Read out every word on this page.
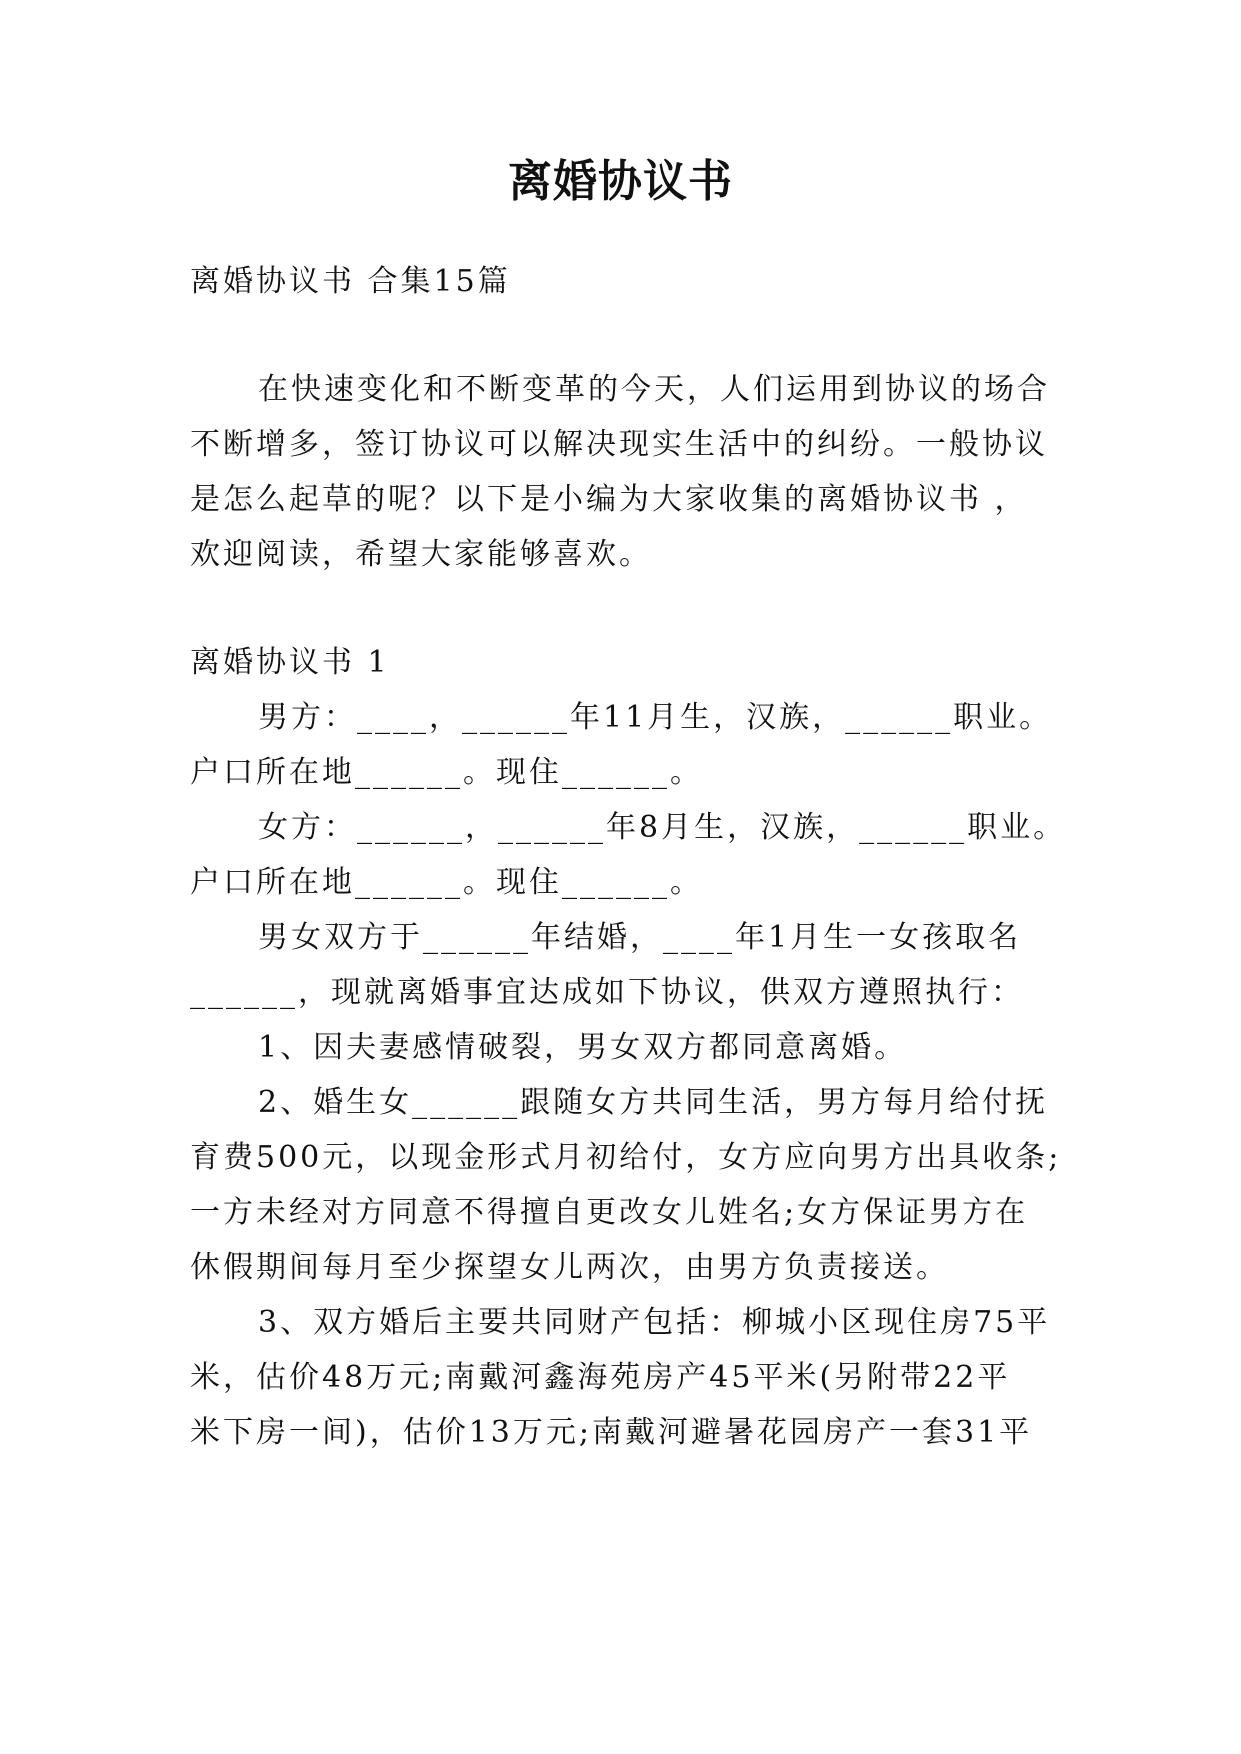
离婚协议书
离婚协议书 合集15篇
在快速变化和不断变革的今天，人们运用到协议的场合
不断增多，签订协议可以解决现实生活中的纠纷。一般协议
是怎么起草的呢？以下是小编为大家收集的离婚协议书 ，
欢迎阅读，希望大家能够喜欢。
离婚协议书 1
男方：____，______年11月生，汉族，______职业。
户口所在地______。现住______。
女方：______，______年8月生，汉族，______职业。
户口所在地______。现住______。
男女双方于______年结婚，____年1月生一女孩取名
______，现就离婚事宜达成如下协议，供双方遵照执行：
1、因夫妻感情破裂，男女双方都同意离婚。
2、婚生女______跟随女方共同生活，男方每月给付抚
育费500元，以现金形式月初给付，女方应向男方出具收条;
一方未经对方同意不得擅自更改女儿姓名;女方保证男方在
休假期间每月至少探望女儿两次，由男方负责接送。
3、双方婚后主要共同财产包括：柳城小区现住房75平
米，估价48万元;南戴河鑫海苑房产45平米(另附带22平
米下房一间)，估价13万元;南戴河避暑花园房产一套31平
